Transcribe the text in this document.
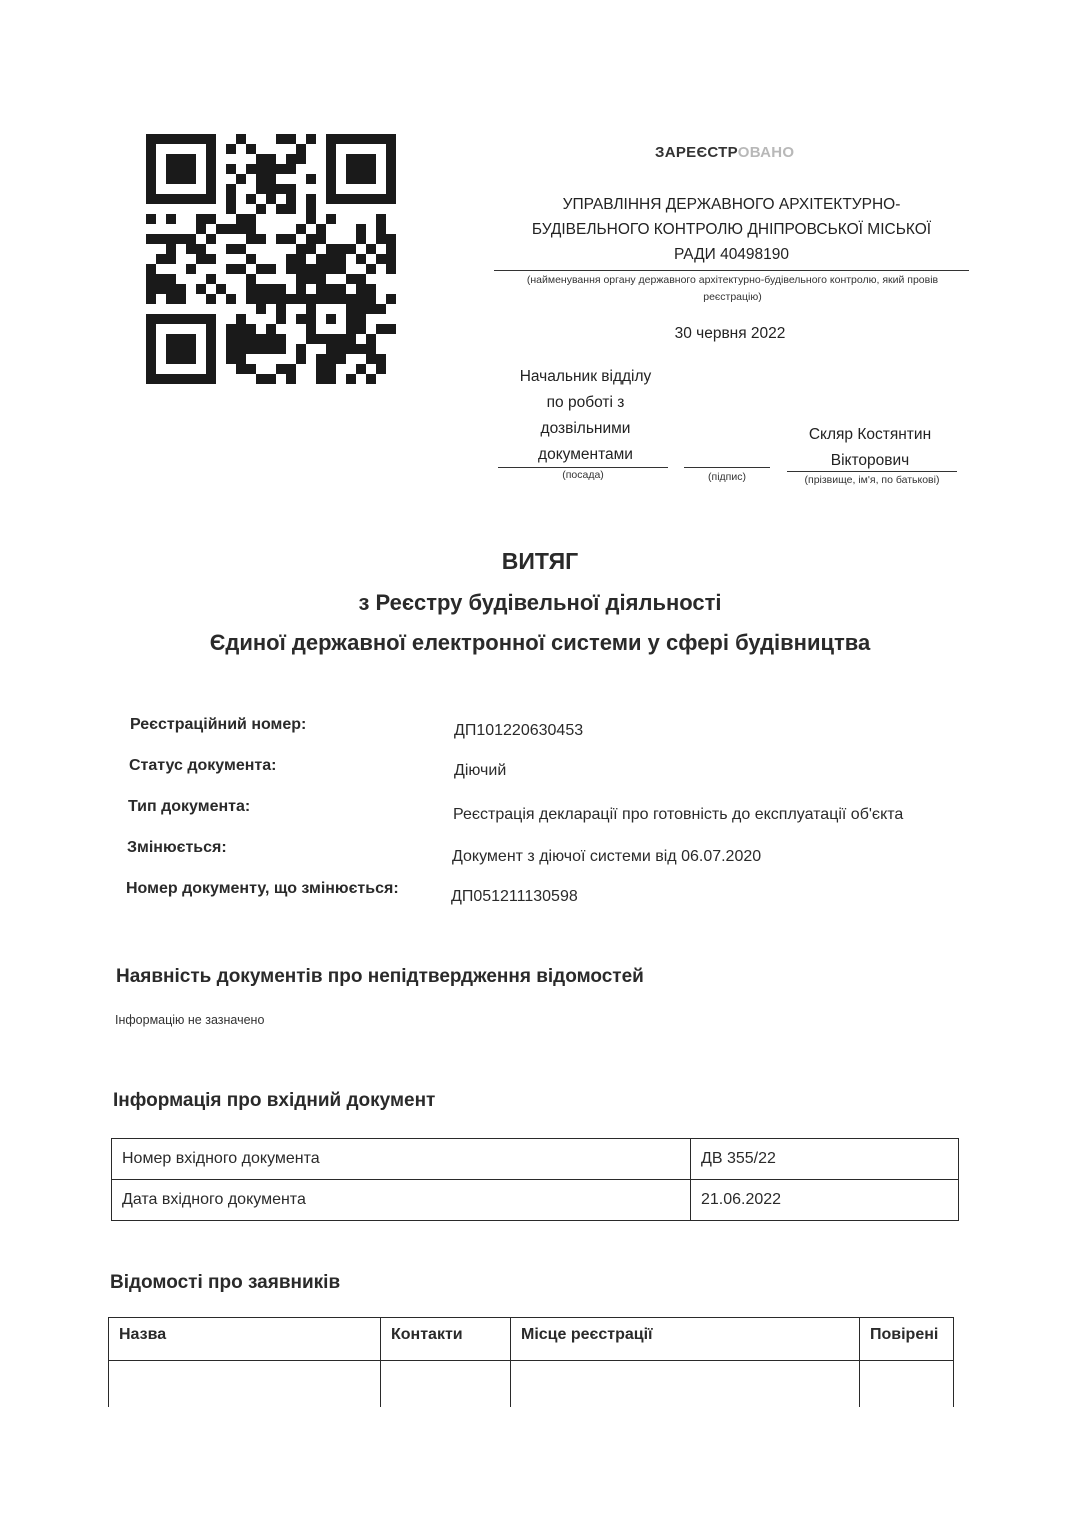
ЗАРЕЄСТРОВАНО
УПРАВЛІННЯ ДЕРЖАВНОГО АРХІТЕКТУРНО-
БУДІВЕЛЬНОГО КОНТРОЛЮ ДНІПРОВСЬКОЇ МІСЬКОЇ
РАДИ 40498190
(найменування органу державного архітектурно-будівельного контролю, який провів реєстрацію)
30 червня 2022
Начальник відділу
по роботі з
дозвільними
документами
Скляр Костянтин
Вікторович
(посада)	(підпис)	(прізвище, ім'я, по батькові)
ВИТЯГ
з Реєстру будівельної діяльності
Єдиної державної електронної системи у сфері будівництва
Реєстраційний номер:	ДП101220630453
Статус документа:	Діючий
Тип документа:	Реєстрація декларації про готовність до експлуатації об'єкта
Змінюється:
Документ з діючої системи від 06.07.2020
Номер документу, що змінюється:	ДП051211130598
Наявність документів про непідтвердження відомостей
Інформацію не зазначено
Інформація про вхідний документ
Номер вхідного документа	ДВ 355/22
Дата вхідного документа	21.06.2022
Відомості про заявників
Назва	Контакти	Місце реєстрації	Повірені
